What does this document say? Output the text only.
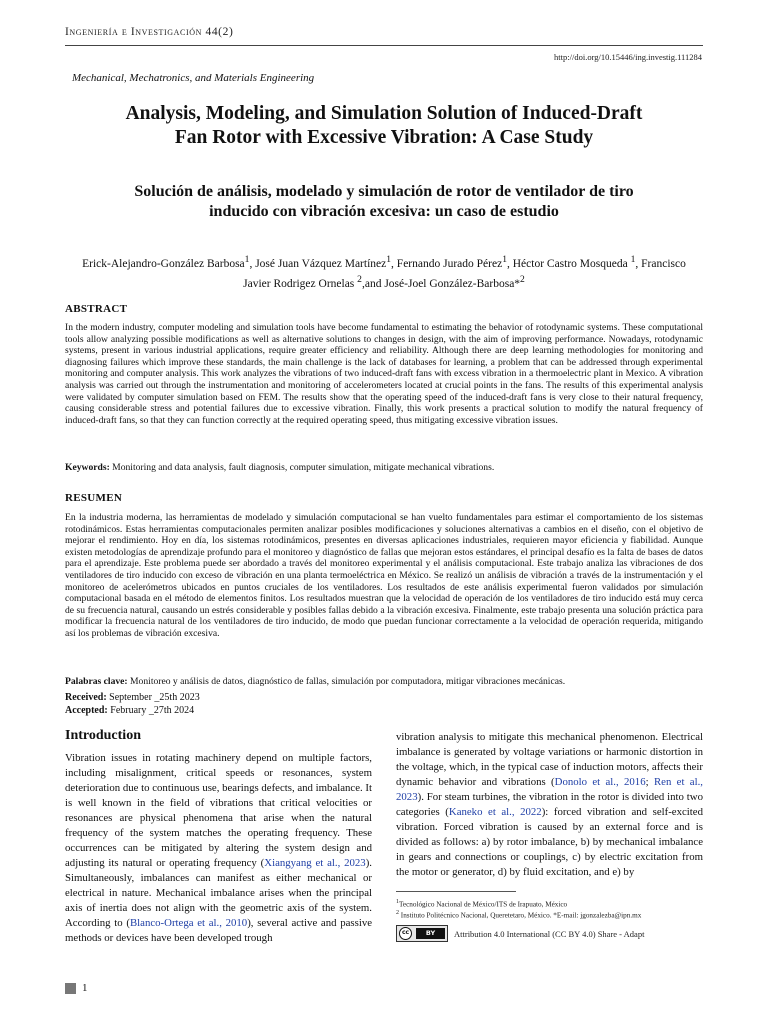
Ingeniería e Investigación 44(2)
http://doi.org/10.15446/ing.investig.111284
Mechanical, Mechatronics, and Materials Engineering
Analysis, Modeling, and Simulation Solution of Induced-Draft Fan Rotor with Excessive Vibration: A Case Study
Solución de análisis, modelado y simulación de rotor de ventilador de tiro inducido con vibración excesiva: un caso de estudio
Erick-Alejandro-González Barbosa$^1$, José Juan Vázquez Martínez$^1$, Fernando Jurado Pérez$^1$, Héctor Castro Mosqueda $^1$, Francisco Javier Rodrigez Ornelas $^2$,and José-Joel González-Barbosa*$^2$
ABSTRACT

In the modern industry, computer modeling and simulation tools have become fundamental to estimating the behavior of rotodynamic systems. These computational tools allow analyzing possible modifications as well as alternative solutions to changes in design, with the aim of improving performance. Nowadays, rotodynamic systems, present in various industrial applications, require greater efficiency and reliability. Although there are deep learning methodologies for monitoring and diagnosing failures which improve these standards, the main challenge is the lack of databases for learning, a problem that can be addressed through experimental monitoring and computer analysis. This work analyzes the vibrations of two induced-draft fans with excess vibration in a thermoelectric plant in Mexico. A vibration analysis was carried out through the instrumentation and monitoring of accelerometers located at crucial points in the fans. The results of this experimental analysis were validated by computer simulation based on FEM. The results show that the operating speed of the induced-draft fans is very close to their natural frequency, causing considerable stress and potential failures due to excessive vibration. Finally, this work presents a practical solution to modify the natural frequency of induced-draft fans, so that they can function correctly at the required operating speed, thus mitigating excessive vibration issues.

Keywords: Monitoring and data analysis, fault diagnosis, computer simulation, mitigate mechanical vibrations.
RESUMEN

En la industria moderna, las herramientas de modelado y simulación computacional se han vuelto fundamentales para estimar el comportamiento de los sistemas rotodinámicos. Estas herramientas computacionales permiten analizar posibles modificaciones y soluciones alternativas a cambios en el diseño, con el objetivo de mejorar el rendimiento. Hoy en día, los sistemas rotodinámicos, presentes en diversas aplicaciones industriales, requieren mayor eficiencia y fiabilidad. Aunque existen metodologías de aprendizaje profundo para el monitoreo y diagnóstico de fallas que mejoran estos estándares, el principal desafío es la falta de bases de datos para el aprendizaje. Este problema puede ser abordado a través del monitoreo experimental y el análisis computacional. Este trabajo analiza las vibraciones de dos ventiladores de tiro inducido con exceso de vibración en una planta termoeléctrica en México. Se realizó un análisis de vibración a través de la instrumentación y el monitoreo de acelerómetros ubicados en puntos cruciales de los ventiladores. Los resultados de este análisis experimental fueron validados por simulación computacional basada en el método de elementos finitos. Los resultados muestran que la velocidad de operación de los ventiladores de tiro inducido está muy cerca de su frecuencia natural, causando un estrés considerable y posibles fallas debido a la vibración excesiva. Finalmente, este trabajo presenta una solución práctica para modificar la frecuencia natural de los ventiladores de tiro inducido, de modo que puedan funcionar correctamente a la velocidad de operación requerida, mitigando así los problemas de vibración excesiva.

Palabras clave: Monitoreo y análisis de datos, diagnóstico de fallas, simulación por computadora, mitigar vibraciones mecánicas.
Received: September _25th 2023
Accepted: February _27th 2024
Introduction

Vibration issues in rotating machinery depend on multiple factors, including misalignment, critical speeds or resonances, system deterioration due to continuous use, bearings defects, and imbalance. It is well known in the field of vibrations that critical velocities or resonances are physical phenomena that arise when the natural frequency of the system matches the operating frequency. These occurrences can be mitigated by altering the system design and adjusting its natural or operating frequency (Xiangyang et al., 2023). Simultaneously, imbalances can manifest as either mechanical or electrical in nature. Mechanical imbalance arises when the principal axis of inertia does not align with the geometric axis of the system. According to (Blanco-Ortega et al., 2010), several active and passive methods or devices have been developed trough

vibration analysis to mitigate this mechanical phenomenon. Electrical imbalance is generated by voltage variations or harmonic distortion in the voltage, which, in the typical case of induction motors, affects their dynamic behavior and vibrations (Donolo et al., 2016; Ren et al., 2023). For steam turbines, the vibration in the rotor is divided into two categories (Kaneko et al., 2022): forced vibration and self-excited vibration. Forced vibration is caused by an external force and is divided as follows: a) by rotor imbalance, b) by mechanical imbalance in gears and connections or couplings, c) by electric excitation from the motor or generator, d) by fluid excitation, and e) by

$^1$Tecnológico Nacional de México/ITS de Irapuato, México
$^2$ Instituto Politécnico Nacional, Queretetaro, México. *E-mail: jgonzalezba@ipn.mx
cc	BY	Attribution 4.0 International (CC BY 4.0) Share - Adapt
1
